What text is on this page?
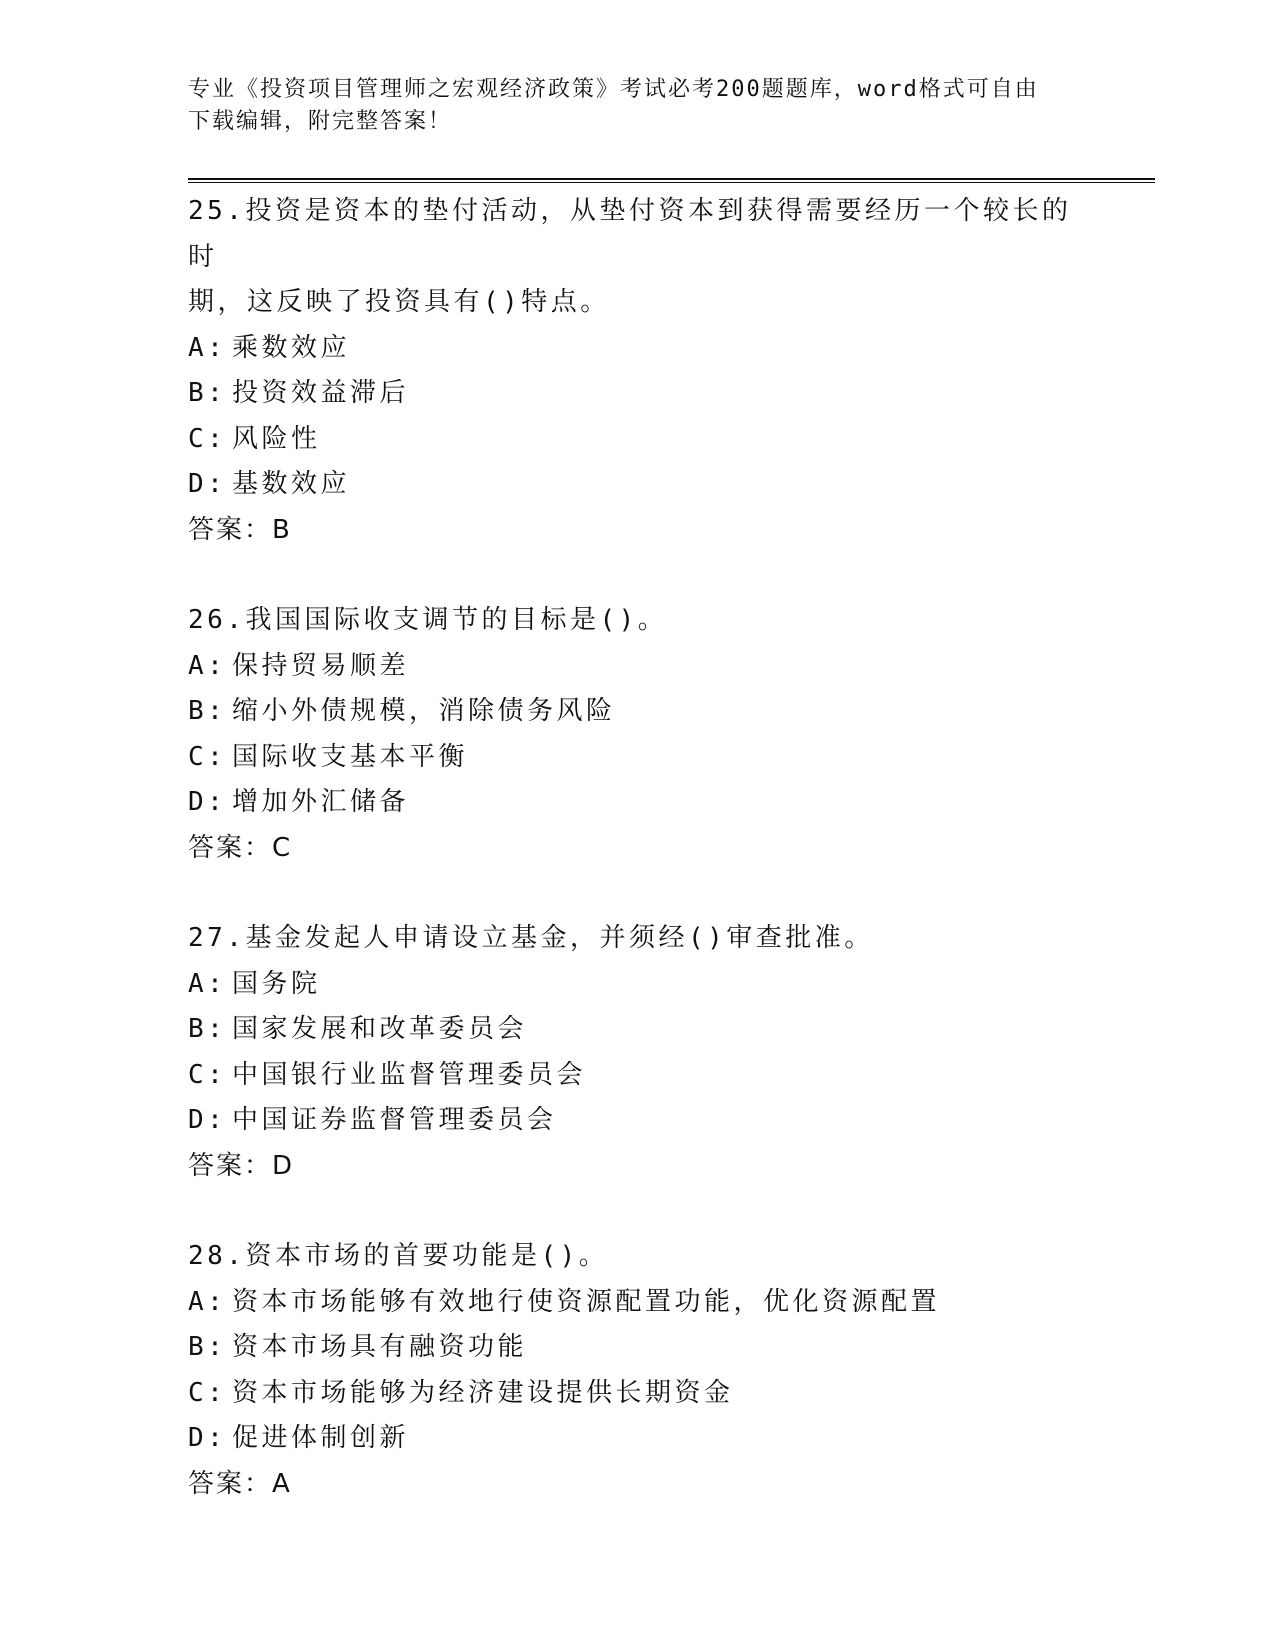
专业《投资项目管理师之宏观经济政策》考试必考200题题库，word格式可自由
下载编辑，附完整答案！
25.投资是资本的垫付活动，从垫付资本到获得需要经历一个较长的时
期，这反映了投资具有()特点。
A: 乘数效应
B: 投资效益滞后
C: 风险性
D: 基数效应
答案：B
26.我国国际收支调节的目标是()。
A: 保持贸易顺差
B: 缩小外债规模，消除债务风险
C: 国际收支基本平衡
D: 增加外汇储备
答案：C
27.基金发起人申请设立基金，并须经()审查批准。
A: 国务院
B: 国家发展和改革委员会
C: 中国银行业监督管理委员会
D: 中国证券监督管理委员会
答案：D
28.资本市场的首要功能是()。
A: 资本市场能够有效地行使资源配置功能，优化资源配置
B: 资本市场具有融资功能
C: 资本市场能够为经济建设提供长期资金
D: 促进体制创新
答案：A
